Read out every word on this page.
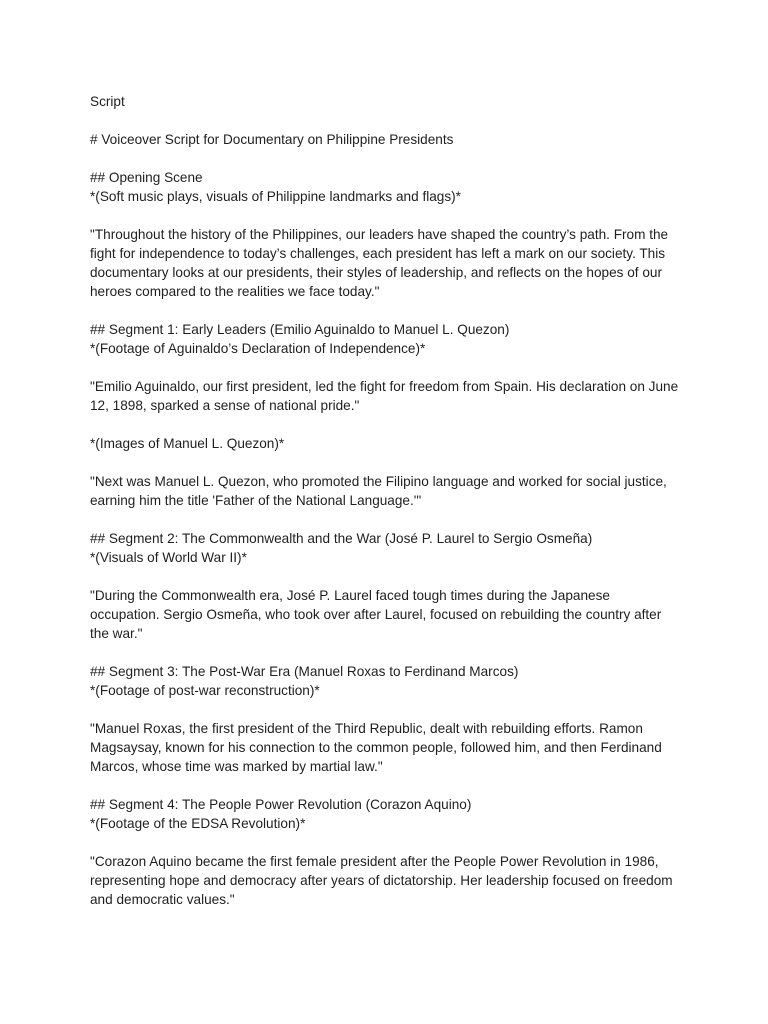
Script

# Voiceover Script for Documentary on Philippine Presidents

## Opening Scene

*(Soft music plays, visuals of Philippine landmarks and flags)*

"Throughout the history of the Philippines, our leaders have shaped the country’s path. From the fight for independence to today’s challenges, each president has left a mark on our society. This documentary looks at our presidents, their styles of leadership, and reflects on the hopes of our heroes compared to the realities we face today."

## Segment 1: Early Leaders (Emilio Aguinaldo to Manuel L. Quezon)

*(Footage of Aguinaldo’s Declaration of Independence)*

"Emilio Aguinaldo, our first president, led the fight for freedom from Spain. His declaration on June 12, 1898, sparked a sense of national pride."

*(Images of Manuel L. Quezon)*

"Next was Manuel L. Quezon, who promoted the Filipino language and worked for social justice, earning him the title 'Father of the National Language.'"

## Segment 2: The Commonwealth and the War (José P. Laurel to Sergio Osmeña)

*(Visuals of World War II)*

"During the Commonwealth era, José P. Laurel faced tough times during the Japanese occupation. Sergio Osmeña, who took over after Laurel, focused on rebuilding the country after the war."

## Segment 3: The Post-War Era (Manuel Roxas to Ferdinand Marcos)

*(Footage of post-war reconstruction)*

"Manuel Roxas, the first president of the Third Republic, dealt with rebuilding efforts. Ramon Magsaysay, known for his connection to the common people, followed him, and then Ferdinand Marcos, whose time was marked by martial law."

## Segment 4: The People Power Revolution (Corazon Aquino)

*(Footage of the EDSA Revolution)*

"Corazon Aquino became the first female president after the People Power Revolution in 1986, representing hope and democracy after years of dictatorship. Her leadership focused on freedom and democratic values."
